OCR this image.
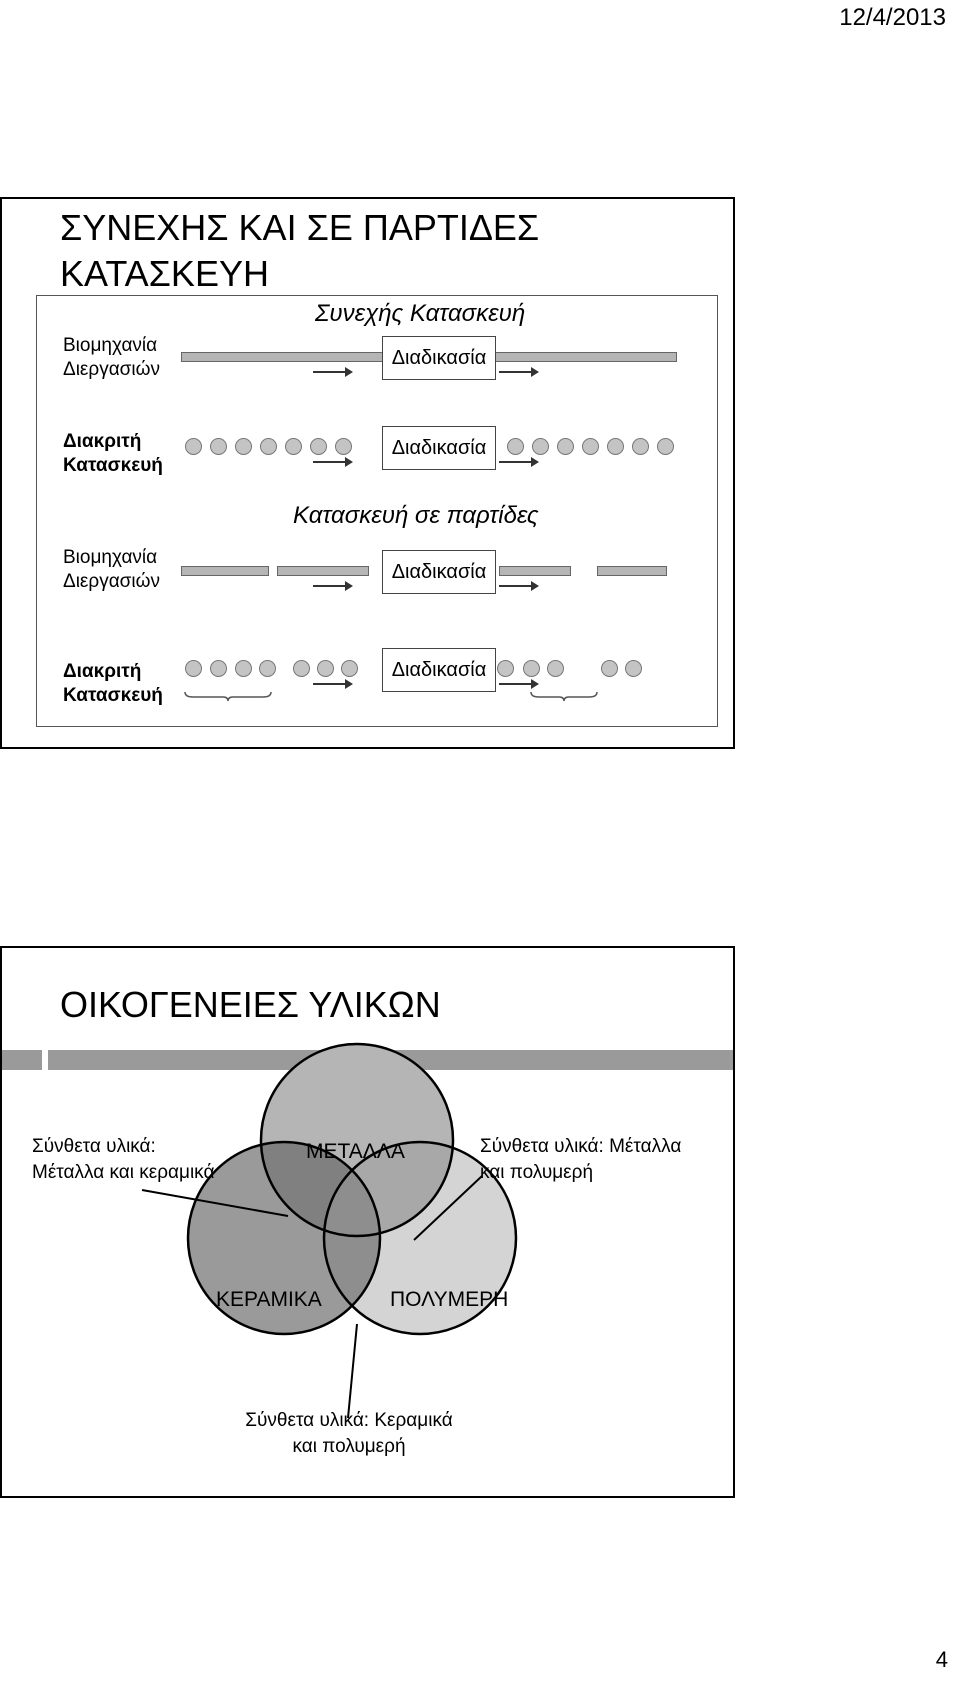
12/4/2013
ΣΥΝΕΧΗΣ ΚΑΙ ΣΕ ΠΑΡΤΙΔΕΣ
ΚΑΤΑΣΚΕΥΗ
Συνεχής Κατασκευή
Βιομηχανία
Διεργασιών
Διαδικασία
Διακριτή
Κατασκευή
Διαδικασία
Κατασκευή σε παρτίδες
Βιομηχανία
Διεργασιών	Διαδικασία
Διακριτή
Κατασκευή
Διαδικασία
ΟΙΚΟΓΕΝΕΙΕΣ ΥΛΙΚΩΝ
ΜΕΤΑΛΛΑ
ΚΕΡΑΜΙΚΑ	ΠΟΛΥΜΕΡΗ
Σύνθετα υλικά:
Μέταλλα και κεραμικά
Σύνθετα υλικά: Μέταλλα
και πολυμερή
Σύνθετα υλικά: Κεραμικά
και πολυμερή
4
